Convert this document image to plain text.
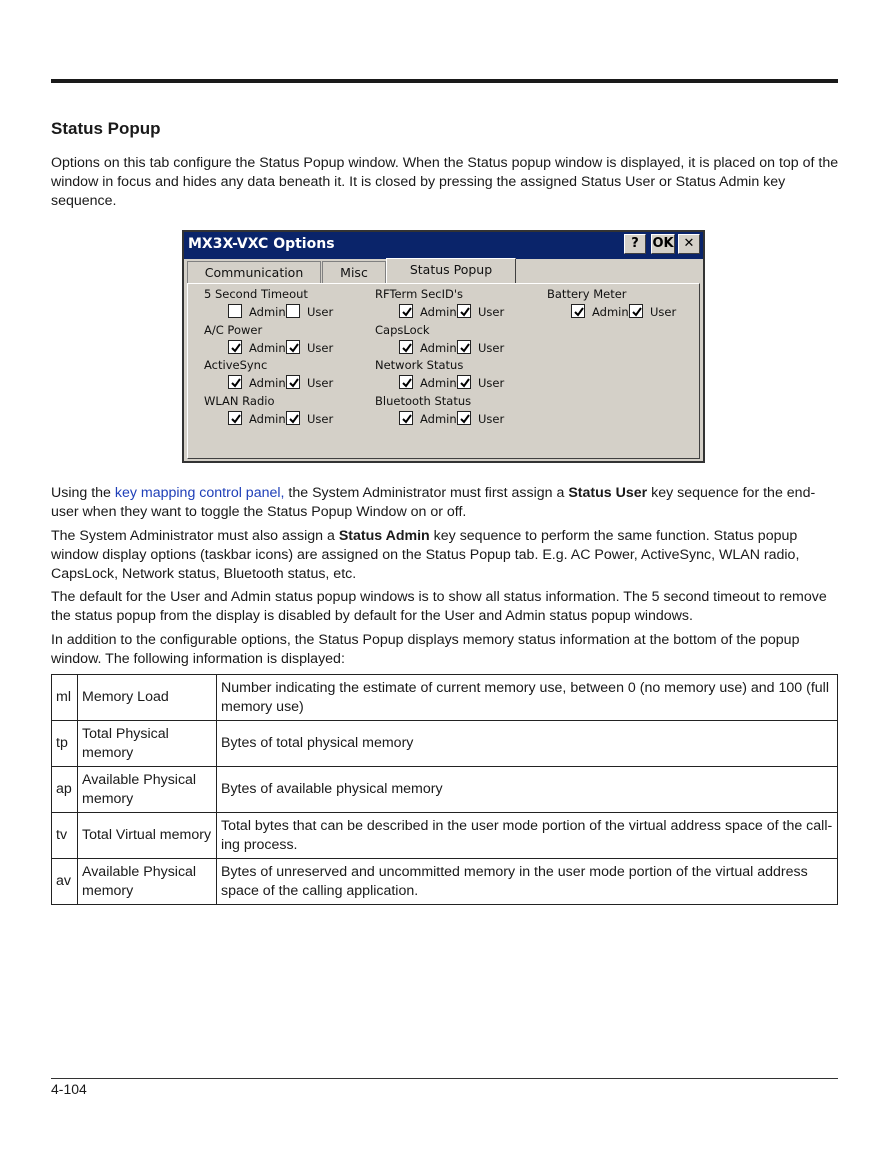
Status Popup

Options on this tab configure the Status Popup window. When the Status popup window is displayed, it is placed on top of the window in focus and hides any data beneath it. It is closed by pressing the assigned Status User or Status Admin key sequence.

MX3X-VXC Options	?	OK ✕
Communication	Misc	Status Popup
5 Second Timeout
Admin User
A/C Power
Admin User
ActiveSync
Admin User
WLAN Radio
Admin User
RFTerm SecID's
Admin User
CapsLock
Admin User
Network Status
Admin User
Bluetooth Status
Admin User
Battery Meter
Admin User

Using the key mapping control panel, the System Administrator must first assign a Status User key sequence for the end-user when they want to toggle the Status Popup Window on or off.

The System Administrator must also assign a Status Admin key sequence to perform the same function. Status popup window display options (taskbar icons) are assigned on the Status Popup tab. E.g. AC Power, ActiveSync, WLAN radio, CapsLock, Network status, Bluetooth status, etc.

The default for the User and Admin status popup windows is to show all status information. The 5 second timeout to remove the status popup from the display is disabled by default for the User and Admin status popup windows.

In addition to the configurable options, the Status Popup displays memory status information at the bottom of the popup window. The following information is displayed:

ml	Memory Load	Number indicating the estimate of current memory use, between 0 (no memory use) and 100 (full memory use)
tp	Total Physical memory	Bytes of total physical memory
ap	Available Physical memory	Bytes of available physical memory
tv	Total Virtual memory	Total bytes that can be described in the user mode portion of the virtual address space of the call- ing process.
av	Available Physical memory	Bytes of unreserved and uncommitted memory in the user mode portion of the virtual address space of the calling application.
4-104
